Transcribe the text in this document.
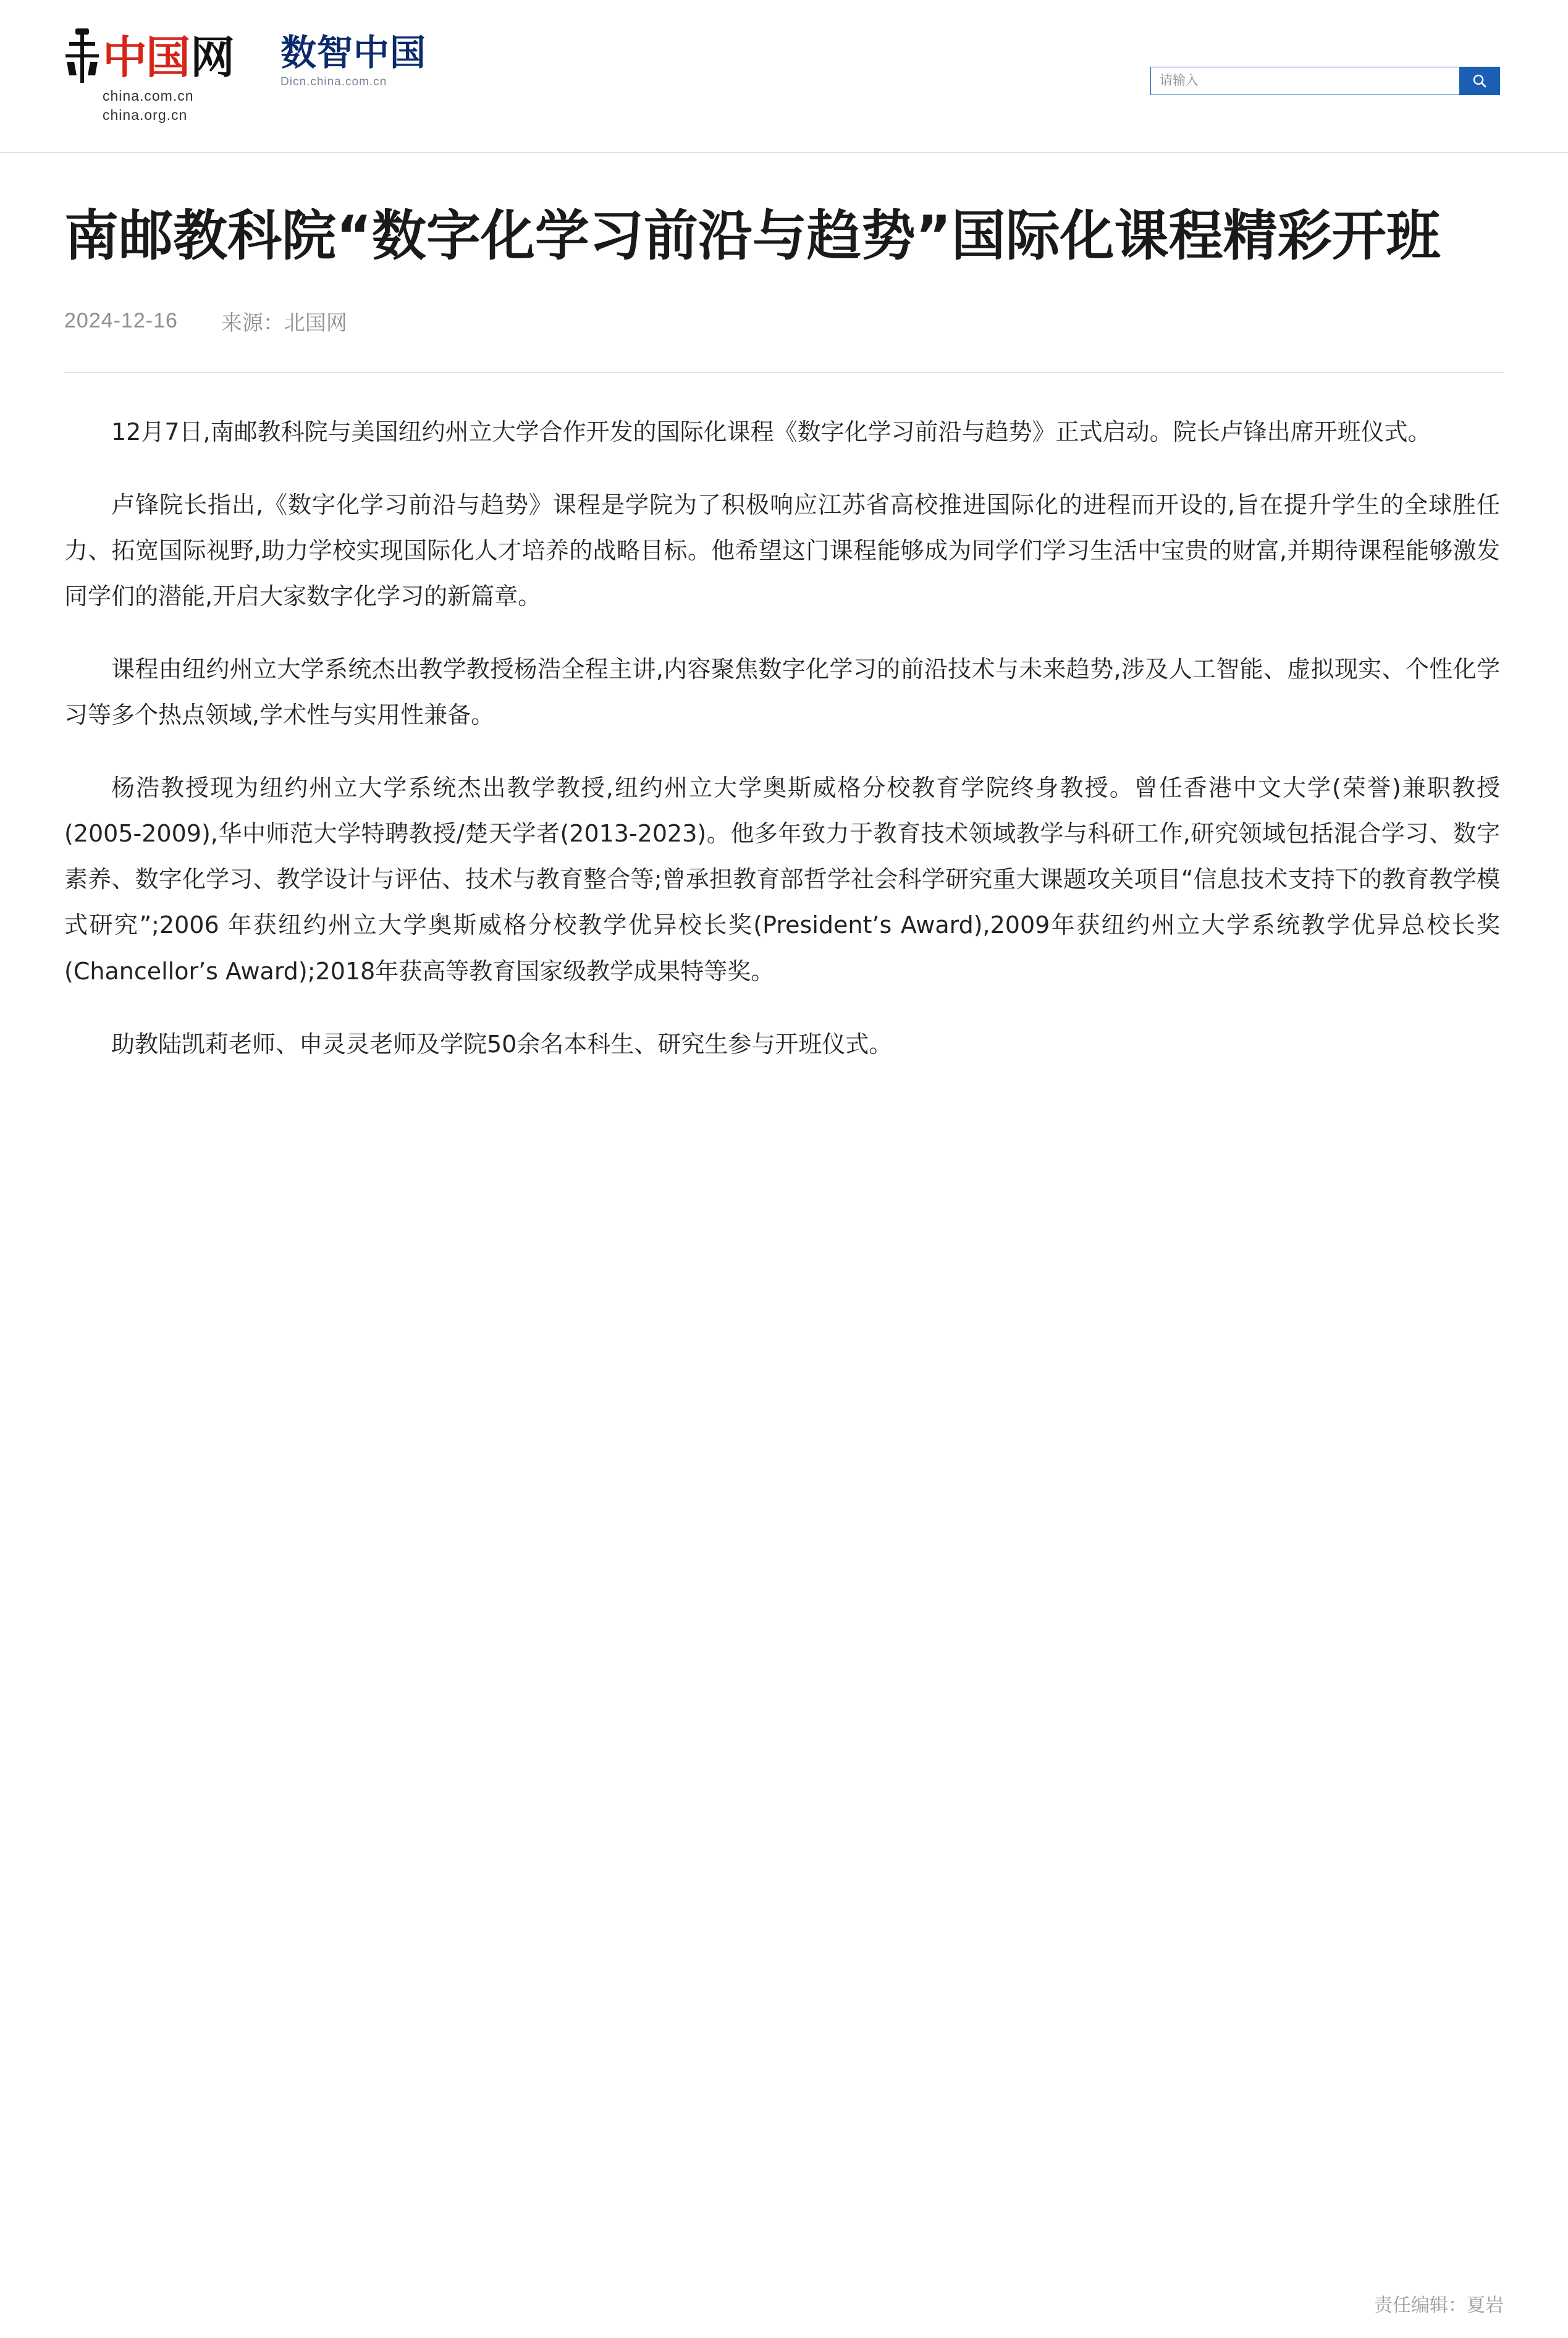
中国 网
china.com.cn
china.org.cn
数智中国
Dicn.china.com.cn
请输入
南邮教科院“数字化学习前沿与趋势”国际化课程精彩开班
2024-12-16 来源：北国网

12月7日,南邮教科院与美国纽约州立大学合作开发的国际化课程《数字化学习前沿与趋势》正式启动。院长卢锋出席开班仪式。

卢锋院长指出,《数字化学习前沿与趋势》课程是学院为了积极响应江苏省高校推进国际化的进程而开设的,旨在提升学生的全球胜任力、拓宽国际视野,助力学校实现国际化人才培养的战略目标。他希望这门课程能够成为同学们学习生活中宝贵的财富,并期待课程能够激发同学们的潜能,开启大家数字化学习的新篇章。

课程由纽约州立大学系统杰出教学教授杨浩全程主讲,内容聚焦数字化学习的前沿技术与未来趋势,涉及人工智能、虚拟现实、个性化学习等多个热点领域,学术性与实用性兼备。

杨浩教授现为纽约州立大学系统杰出教学教授,纽约州立大学奥斯威格分校教育学院终身教授。曾任香港中文大学(荣誉)兼职教授(2005-2009),华中师范大学特聘教授/楚天学者(2013-2023)。他多年致力于教育技术领域教学与科研工作,研究领域包括混合学习、数字素养、数字化学习、教学设计与评估、技术与教育整合等;曾承担教育部哲学社会科学研究重大课题攻关项目“信息技术支持下的教育教学模式研究”;2006 年获纽约州立大学奥斯威格分校教学优异校长奖(President’s Award),2009年获纽约州立大学系统教学优异总校长奖(Chancellor’s Award);2018年获高等教育国家级教学成果特等奖。

助教陆凯莉老师、申灵灵老师及学院50余名本科生、研究生参与开班仪式。

责任编辑：夏岩
